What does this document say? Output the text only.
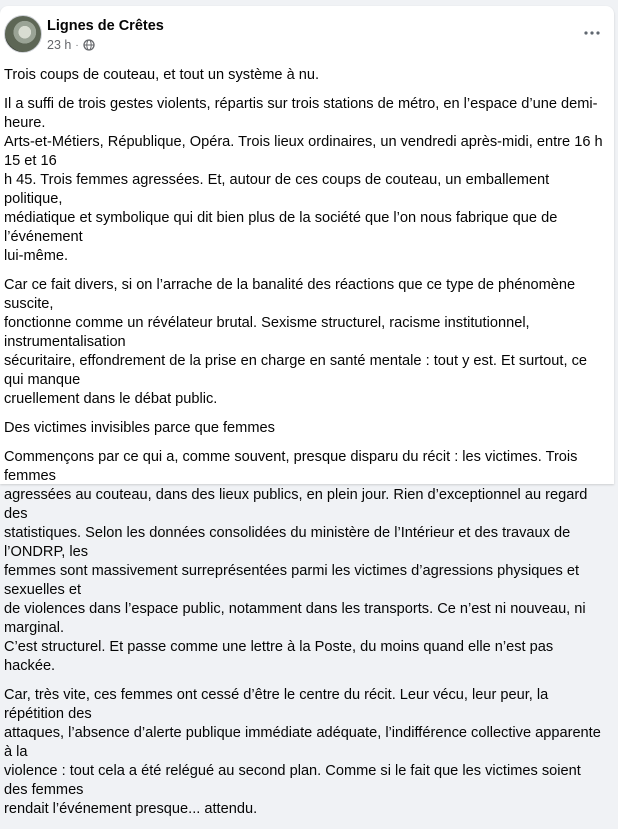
Lignes de Crêtes
23 h ·

Trois coups de couteau, et tout un système à nu.

Il a suffi de trois gestes violents, répartis sur trois stations de métro, en l’espace d’une demi-heure.
Arts-et-Métiers, République, Opéra. Trois lieux ordinaires, un vendredi après-midi, entre 16 h 15 et 16
h 45. Trois femmes agressées. Et, autour de ces coups de couteau, un emballement politique,
médiatique et symbolique qui dit bien plus de la société que l’on nous fabrique que de l’événement
lui-même.

Car ce fait divers, si on l’arrache de la banalité des réactions que ce type de phénomène suscite,
fonctionne comme un révélateur brutal. Sexisme structurel, racisme institutionnel, instrumentalisation
sécuritaire, effondrement de la prise en charge en santé mentale : tout y est. Et surtout, ce qui manque
cruellement dans le débat public.

Des victimes invisibles parce que femmes

Commençons par ce qui a, comme souvent, presque disparu du récit : les victimes. Trois femmes
agressées au couteau, dans des lieux publics, en plein jour. Rien d’exceptionnel au regard des
statistiques. Selon les données consolidées du ministère de l’Intérieur et des travaux de l’ONDRP, les
femmes sont massivement surreprésentées parmi les victimes d’agressions physiques et sexuelles et
de violences dans l’espace public, notamment dans les transports. Ce n’est ni nouveau, ni marginal.
C’est structurel. Et passe comme une lettre à la Poste, du moins quand elle n’est pas hackée.

Car, très vite, ces femmes ont cessé d’être le centre du récit. Leur vécu, leur peur, la répétition des
attaques, l’absence d’alerte publique immédiate adéquate, l’indifférence collective apparente à la
violence : tout cela a été relégué au second plan. Comme si le fait que les victimes soient des femmes
rendait l’événement presque... attendu.
